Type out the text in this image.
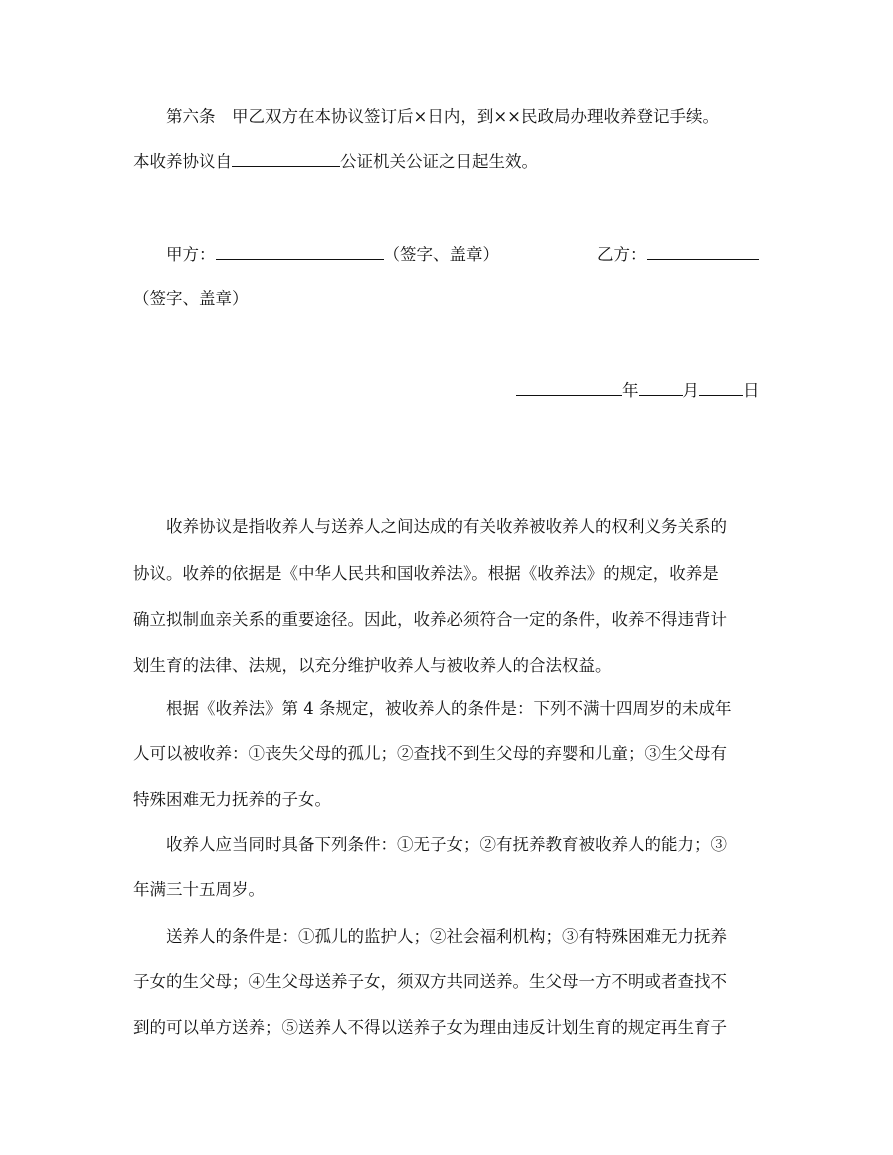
第六条　甲乙双方在本协议签订后×日内，到××民政局办理收养登记手续。
本收养协议自	公证机关公证之日起生效。
甲方：	（签字、盖章）	乙方：
（签字、盖章）
年	月	日
收养协议是指收养人与送养人之间达成的有关收养被收养人的权利义务关系的
协议。收养的依据是《中华人民共和国收养法》。根据《收养法》的规定，收养是
确立拟制血亲关系的重要途径。因此，收养必须符合一定的条件，收养不得违背计
划生育的法律、法规，以充分维护收养人与被收养人的合法权益。
根据《收养法》第 4 条规定，被收养人的条件是：下列不满十四周岁的未成年
人可以被收养：①丧失父母的孤儿；②查找不到生父母的弃婴和儿童；③生父母有
特殊困难无力抚养的子女。
收养人应当同时具备下列条件：①无子女；②有抚养教育被收养人的能力；③
年满三十五周岁。
送养人的条件是：①孤儿的监护人；②社会福利机构；③有特殊困难无力抚养
子女的生父母；④生父母送养子女，须双方共同送养。生父母一方不明或者查找不
到的可以单方送养；⑤送养人不得以送养子女为理由违反计划生育的规定再生育子
